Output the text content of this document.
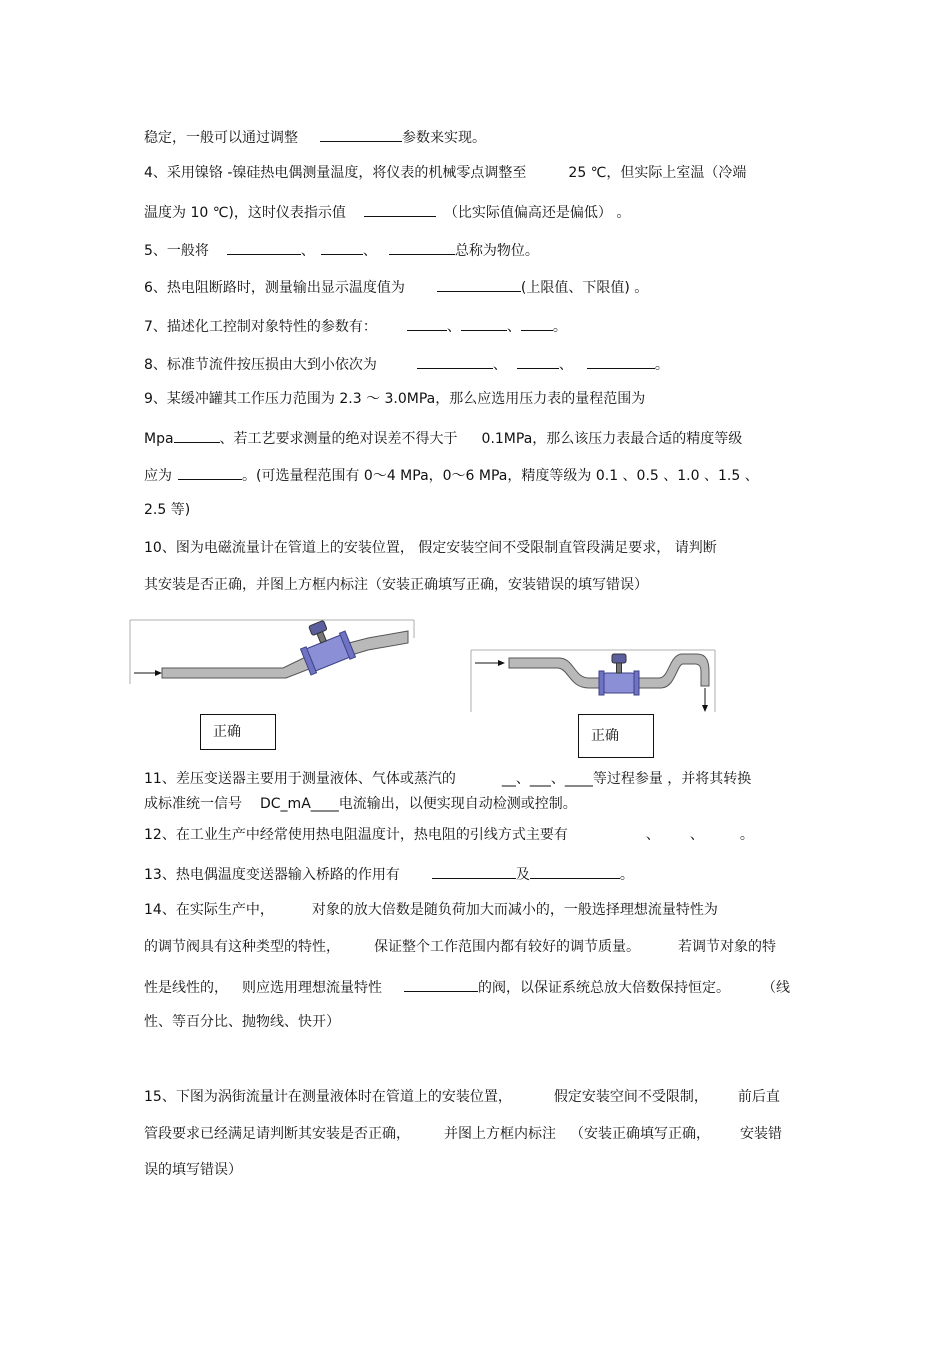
稳定，一般可以通过调整	参数来实现。
4、采用镍铬 -镍硅热电偶测量温度，将仪表的机械零点调整至	25 ℃，但实际上室温（冷端
温度为 10 ℃)，这时仪表指示值	（比实际值偏高还是偏低） 。
5、一般将	、	、	总称为物位。
6、热电阻断路时，测量输出显示温度值为	(上限值、下限值) 。
7、描述化工控制对象特性的参数有：	、	、 。
8、标准节流件按压损由大到小依次为	、	、	。
9、某缓冲罐其工作压力范围为 2.3 ～ 3.0MPa，那么应选用压力表的量程范围为
Mpa	、若工艺要求测量的绝对误差不得大于 0.1MPa，那么该压力表最合适的精度等级
应为	。(可选量程范围有 0～4 MPa，0～6 MPa，精度等级为 0.1 、0.5 、1.0 、1.5 、
2.5 等)
10、图为电磁流量计在管道上的安装位置， 假定安装空间不受限制直管段满足要求， 请判断
其安装是否正确，并图上方框内标注（安装正确填写正确，安装错误的填写错误）
正确	正确
11、差压变送器主要用于测量液体、气体或蒸汽的	__、___、____等过程参量 ，并将其转换
成标准统一信号 DC_mA____电流输出，以便实现自动检测或控制。
12、在工业生产中经常使用热电阻温度计，热电阻的引线方式主要有	、 、	。
13、热电偶温度变送器输入桥路的作用有	及	。
14、在实际生产中，	对象的放大倍数是随负荷加大而减小的，一般选择理想流量特性为
的调节阀具有这种类型的特性， 保证整个工作范围内都有较好的调节质量。	若调节对象的特
性是线性的， 则应选用理想流量特性	的阀，以保证系统总放大倍数保持恒定。 （线
性、等百分比、抛物线、快开）
15、下图为涡街流量计在测量液体时在管道上的安装位置，	假定安装空间不受限制， 前后直
管段要求已经满足请判断其安装是否正确， 并图上方框内标注 （安装正确填写正确， 安装错
误的填写错误）
